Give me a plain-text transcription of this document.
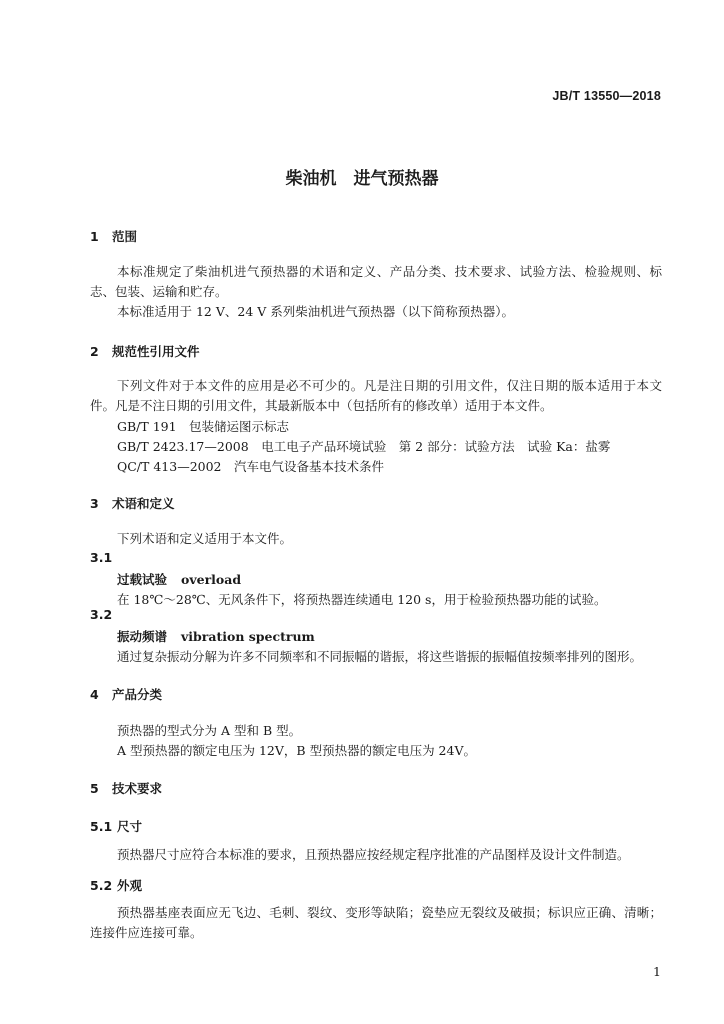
JB/T 13550—2018
柴油机　进气预热器
1 范围
本标准规定了柴油机进气预热器的术语和定义、产品分类、技术要求、试验方法、检验规则、标志、包装、运输和贮存。
本标准适用于 12 V、24 V 系列柴油机进气预热器（以下简称预热器）。
2 规范性引用文件
下列文件对于本文件的应用是必不可少的。凡是注日期的引用文件，仅注日期的版本适用于本文件。凡是不注日期的引用文件，其最新版本中（包括所有的修改单）适用于本文件。
GB/T 191　包装储运图示标志
GB/T 2423.17—2008　电工电子产品环境试验　第 2 部分：试验方法　试验 Ka：盐雾
QC/T 413—2002　汽车电气设备基本技术条件
3 术语和定义
下列术语和定义适用于本文件。
3.1
过载试验 overload
在 18℃～28℃、无风条件下，将预热器连续通电 120 s，用于检验预热器功能的试验。
3.2
振动频谱 vibration spectrum
通过复杂振动分解为许多不同频率和不同振幅的谐振，将这些谐振的振幅值按频率排列的图形。
4 产品分类
预热器的型式分为 A 型和 B 型。
A 型预热器的额定电压为 12V，B 型预热器的额定电压为 24V。
5 技术要求
5.1 尺寸
预热器尺寸应符合本标准的要求，且预热器应按经规定程序批准的产品图样及设计文件制造。
5.2 外观
预热器基座表面应无飞边、毛刺、裂纹、变形等缺陷；瓷垫应无裂纹及破损；标识应正确、清晰；连接件应连接可靠。
1
